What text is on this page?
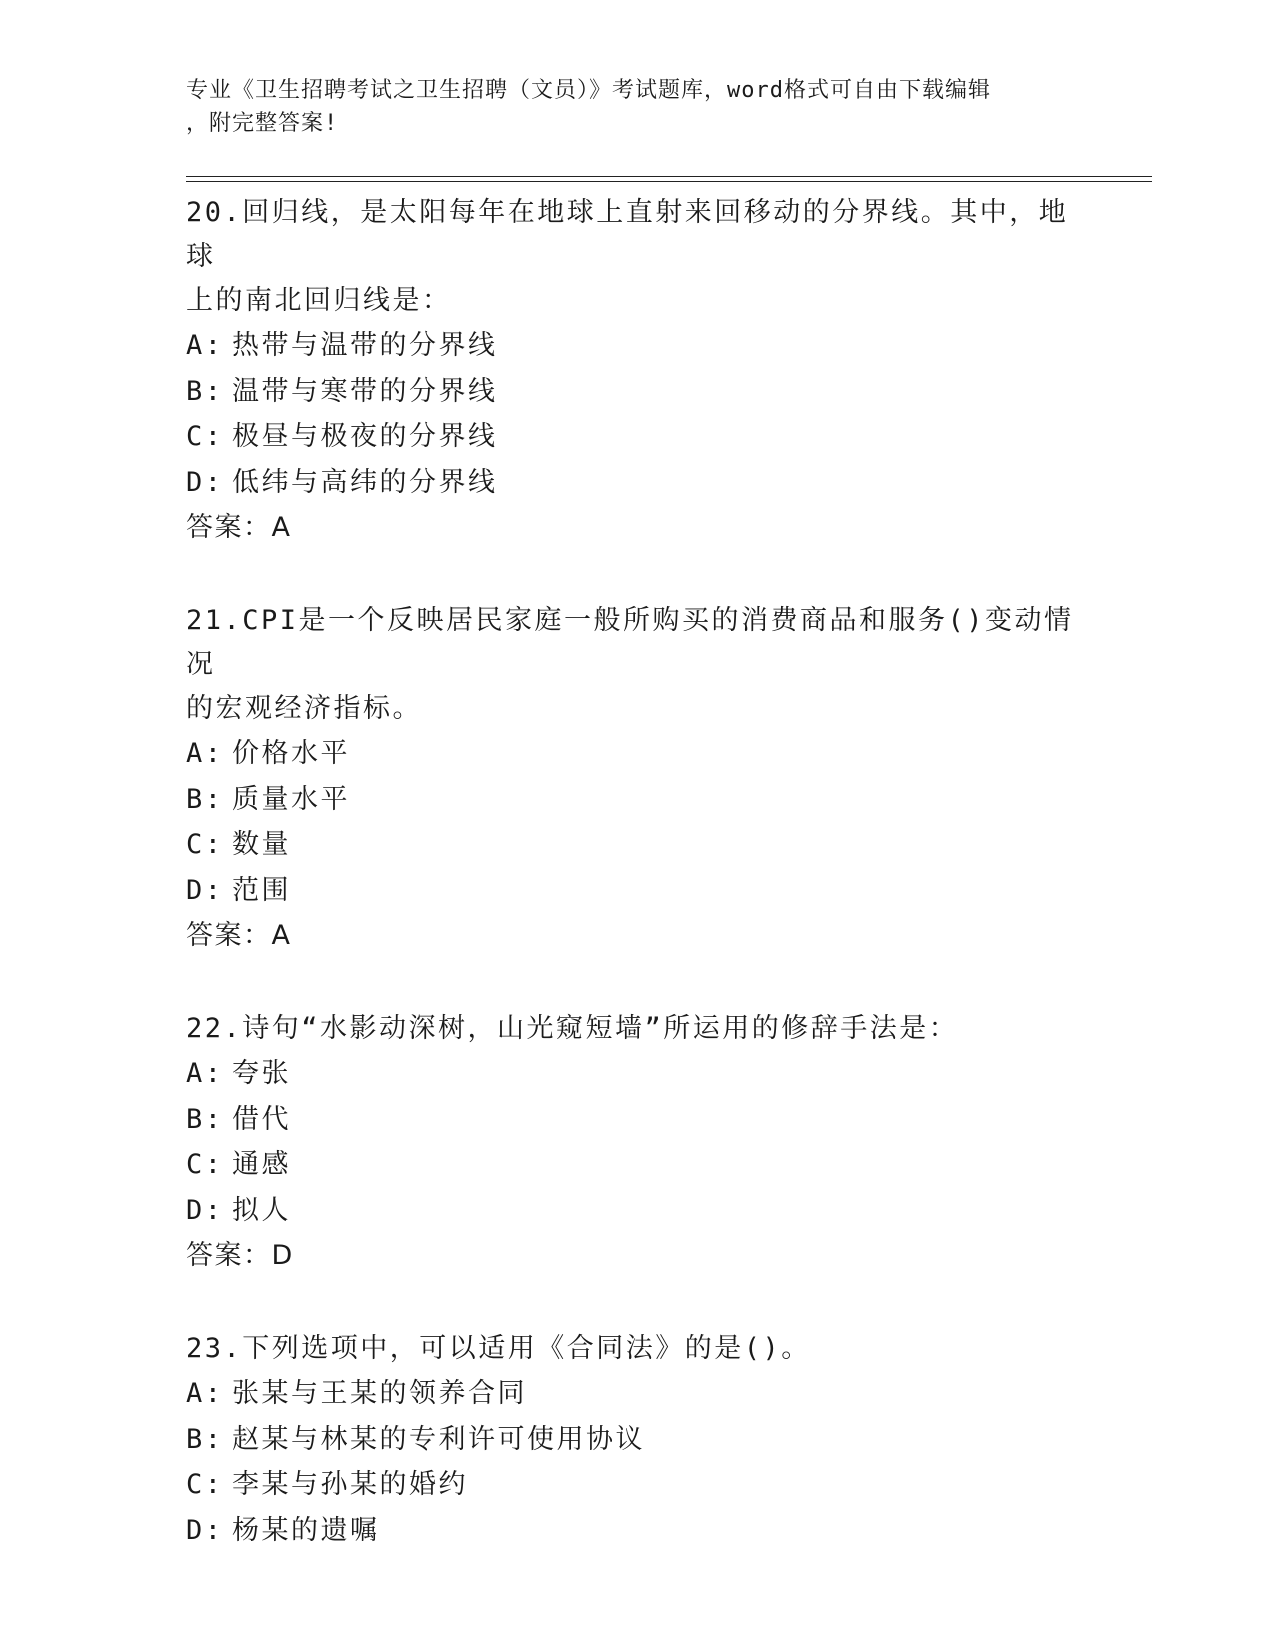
专业《卫生招聘考试之卫生招聘（文员）》考试题库，word格式可自由下载编辑
，附完整答案!
20.回归线，是太阳每年在地球上直射来回移动的分界线。其中，地球
上的南北回归线是：
A: 热带与温带的分界线
B: 温带与寒带的分界线
C: 极昼与极夜的分界线
D: 低纬与高纬的分界线
答案：A
21.CPI是一个反映居民家庭一般所购买的消费商品和服务()变动情况
的宏观经济指标。
A: 价格水平
B: 质量水平
C: 数量
D: 范围
答案：A
22.诗句“水影动深树，山光窥短墙”所运用的修辞手法是：
A: 夸张
B: 借代
C: 通感
D: 拟人
答案：D
23.下列选项中，可以适用《合同法》的是()。
A: 张某与王某的领养合同
B: 赵某与林某的专利许可使用协议
C: 李某与孙某的婚约
D: 杨某的遗嘱
